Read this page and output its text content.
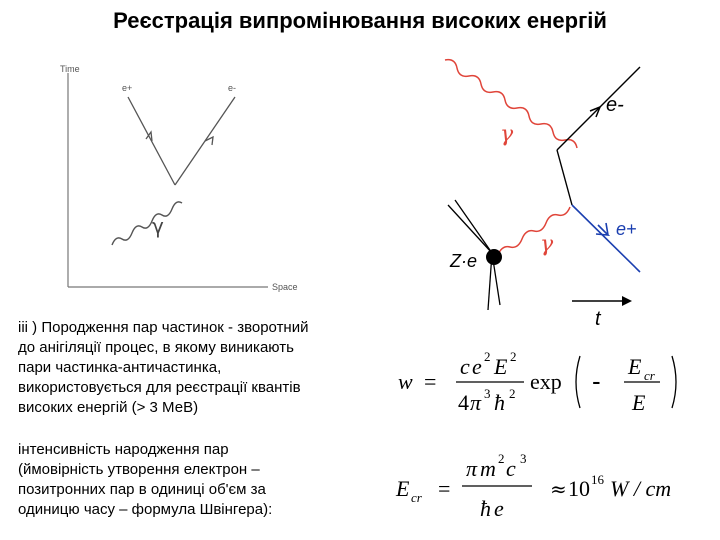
Реєстрація випромінювання високих енергій
Time
Space
γ
e+	e-
γ
e-
γ
e+
Z·e
t
iii ) Породження пар частинок - зворотний
до анігіляції процес, в якому виникають
пари частинка-античастинка,
використовується для реєстрації квантів
високих енергій (> 3 МеВ)
інтенсивність народження пар
(ймовірність утворення електрон –
позитронних пар в одиниці об'єм за
одиницю часу – формула Швінгера):
w =
c e 2 E 2
4 π 3 ħ 2 exp - E cr
E
E cr =
π m 2 c 3
ħ e
≈ 10 16 W / cm
